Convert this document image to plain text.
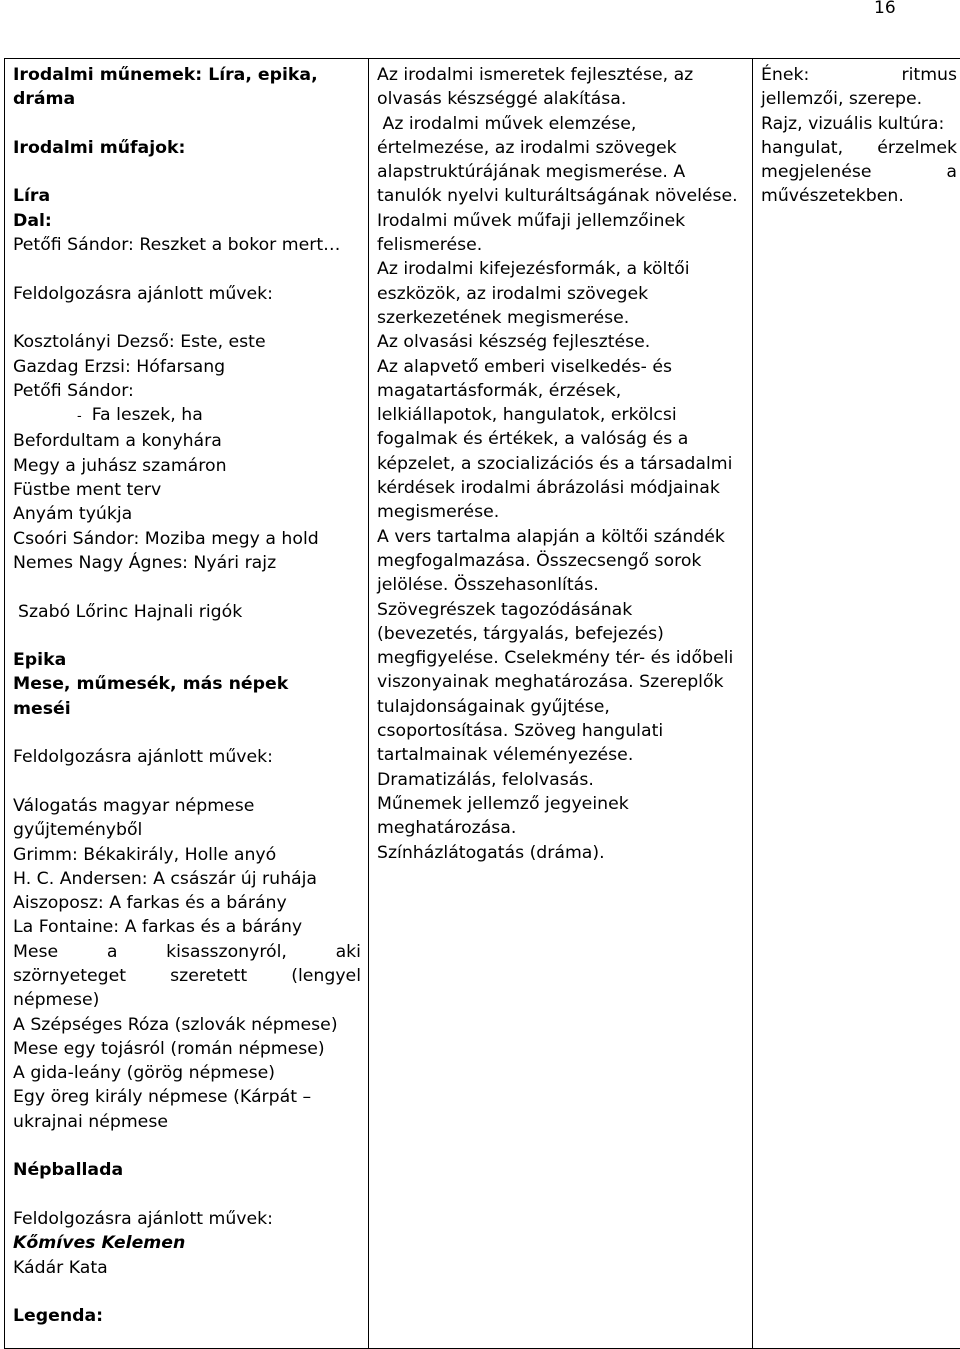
16
Irodalmi műnemek: Líra, epika, dráma
Irodalmi műfajok:
Líra
Dal:
Petőfi Sándor: Reszket a bokor mert…
Feldolgozásra ajánlott művek:
Kosztolányi Dezső: Este, este
Gazdag Erzsi: Hófarsang
Petőfi Sándor:
- Fa leszek, ha
Befordultam a konyhára
Megy a juhász szamáron
Füstbe ment terv
Anyám tyúkja
Csoóri Sándor: Moziba megy a hold
Nemes Nagy Ágnes: Nyári rajz
Szabó Lőrinc Hajnali rigók
Epika
Mese, műmesék, más népek
meséi
Feldolgozásra ajánlott művek:
Válogatás magyar népmese
gyűjteményből
Grimm: Békakirály, Holle anyó
H. C. Andersen: A császár új ruhája
Aiszoposz: A farkas és a bárány
La Fontaine: A farkas és a bárány
Mese	a	kisasszonyról,	aki
szörnyeteget	szeretett	(lengyel
népmese)
A Szépséges Róza (szlovák népmese)
Mese egy tojásról (román népmese)
A gida-leány (görög népmese)
Egy öreg király népmese (Kárpát –
ukrajnai népmese
Népballada
Feldolgozásra ajánlott művek:
Kőmíves Kelemen
Kádár Kata
Legenda:

Az irodalmi ismeretek fejlesztése, az
olvasás készséggé alakítása.
Az irodalmi művek elemzése,
értelmezése, az irodalmi szövegek
alapstruktúrájának megismerése. A
tanulók nyelvi kulturáltságának növelése.
Irodalmi művek műfaji jellemzőinek
felismerése.
Az irodalmi kifejezésformák, a költői
eszközök, az irodalmi szövegek
szerkezetének megismerése.
Az olvasási készség fejlesztése.
Az alapvető emberi viselkedés- és
magatartásformák, érzések,
lelkiállapotok, hangulatok, erkölcsi
fogalmak és értékek, a valóság és a
képzelet, a szocializációs és a társadalmi
kérdések irodalmi ábrázolási módjainak
megismerése.
A vers tartalma alapján a költői szándék
megfogalmazása. Összecsengő sorok
jelölése. Összehasonlítás.
Szövegrészek tagozódásának
(bevezetés, tárgyalás, befejezés)
megfigyelése. Cselekmény tér- és időbeli
viszonyainak meghatározása. Szereplők
tulajdonságainak gyűjtése,
csoportosítása. Szöveg hangulati
tartalmainak véleményezése.
Dramatizálás, felolvasás.
Műnemek jellemző jegyeinek
meghatározása.
Színházlátogatás (dráma).

Ének:	ritmus
jellemzői, szerepe.
Rajz, vizuális kultúra:
hangulat, érzelmek
megjelenése	a
művészetekben.
